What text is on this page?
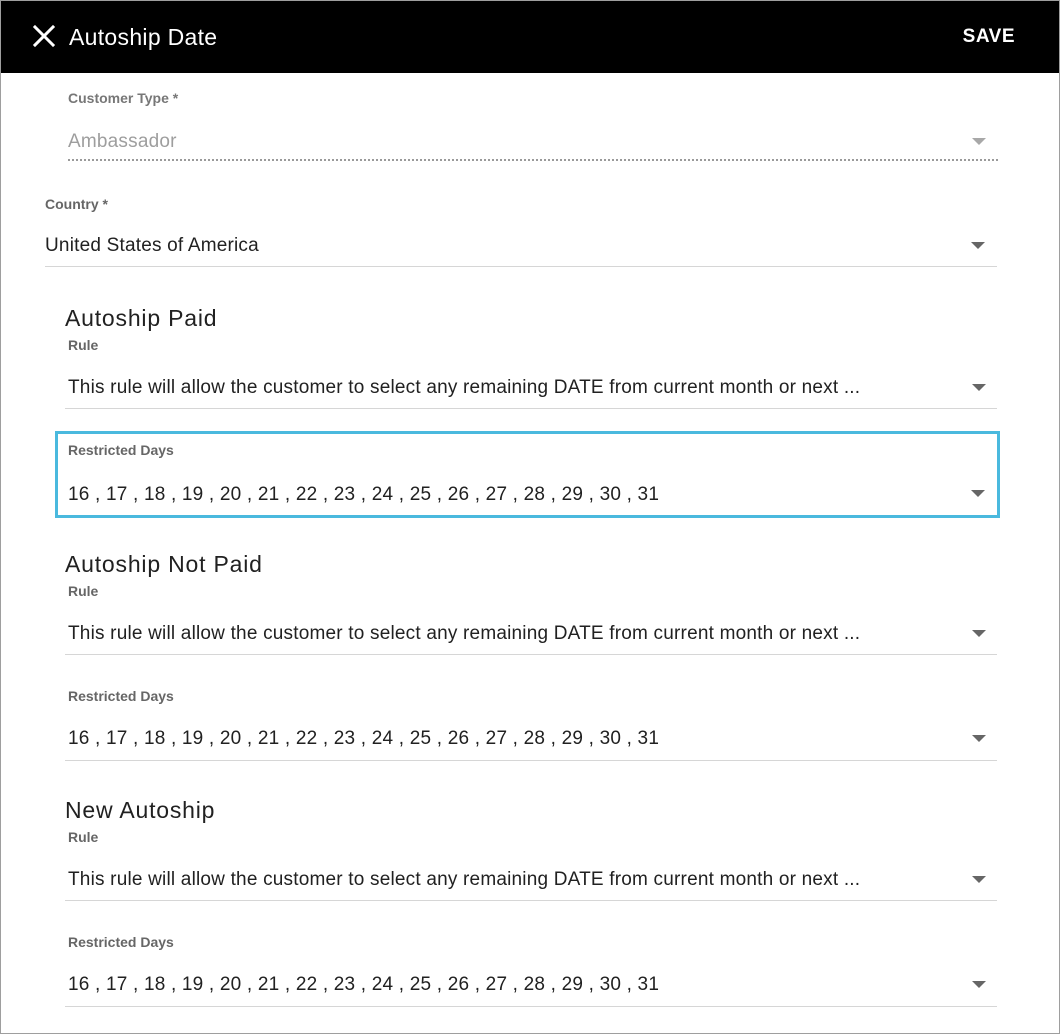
Autoship Date	SAVE
Customer Type *
Ambassador
Country *
United States of America
Autoship Paid
Rule
This rule will allow the customer to select any remaining DATE from current month or next ...
Restricted Days
16 , 17 , 18 , 19 , 20 , 21 , 22 , 23 , 24 , 25 , 26 , 27 , 28 , 29 , 30 , 31
Autoship Not Paid
Rule
This rule will allow the customer to select any remaining DATE from current month or next ...
Restricted Days
16 , 17 , 18 , 19 , 20 , 21 , 22 , 23 , 24 , 25 , 26 , 27 , 28 , 29 , 30 , 31
New Autoship
Rule
This rule will allow the customer to select any remaining DATE from current month or next ...
Restricted Days
16 , 17 , 18 , 19 , 20 , 21 , 22 , 23 , 24 , 25 , 26 , 27 , 28 , 29 , 30 , 31
